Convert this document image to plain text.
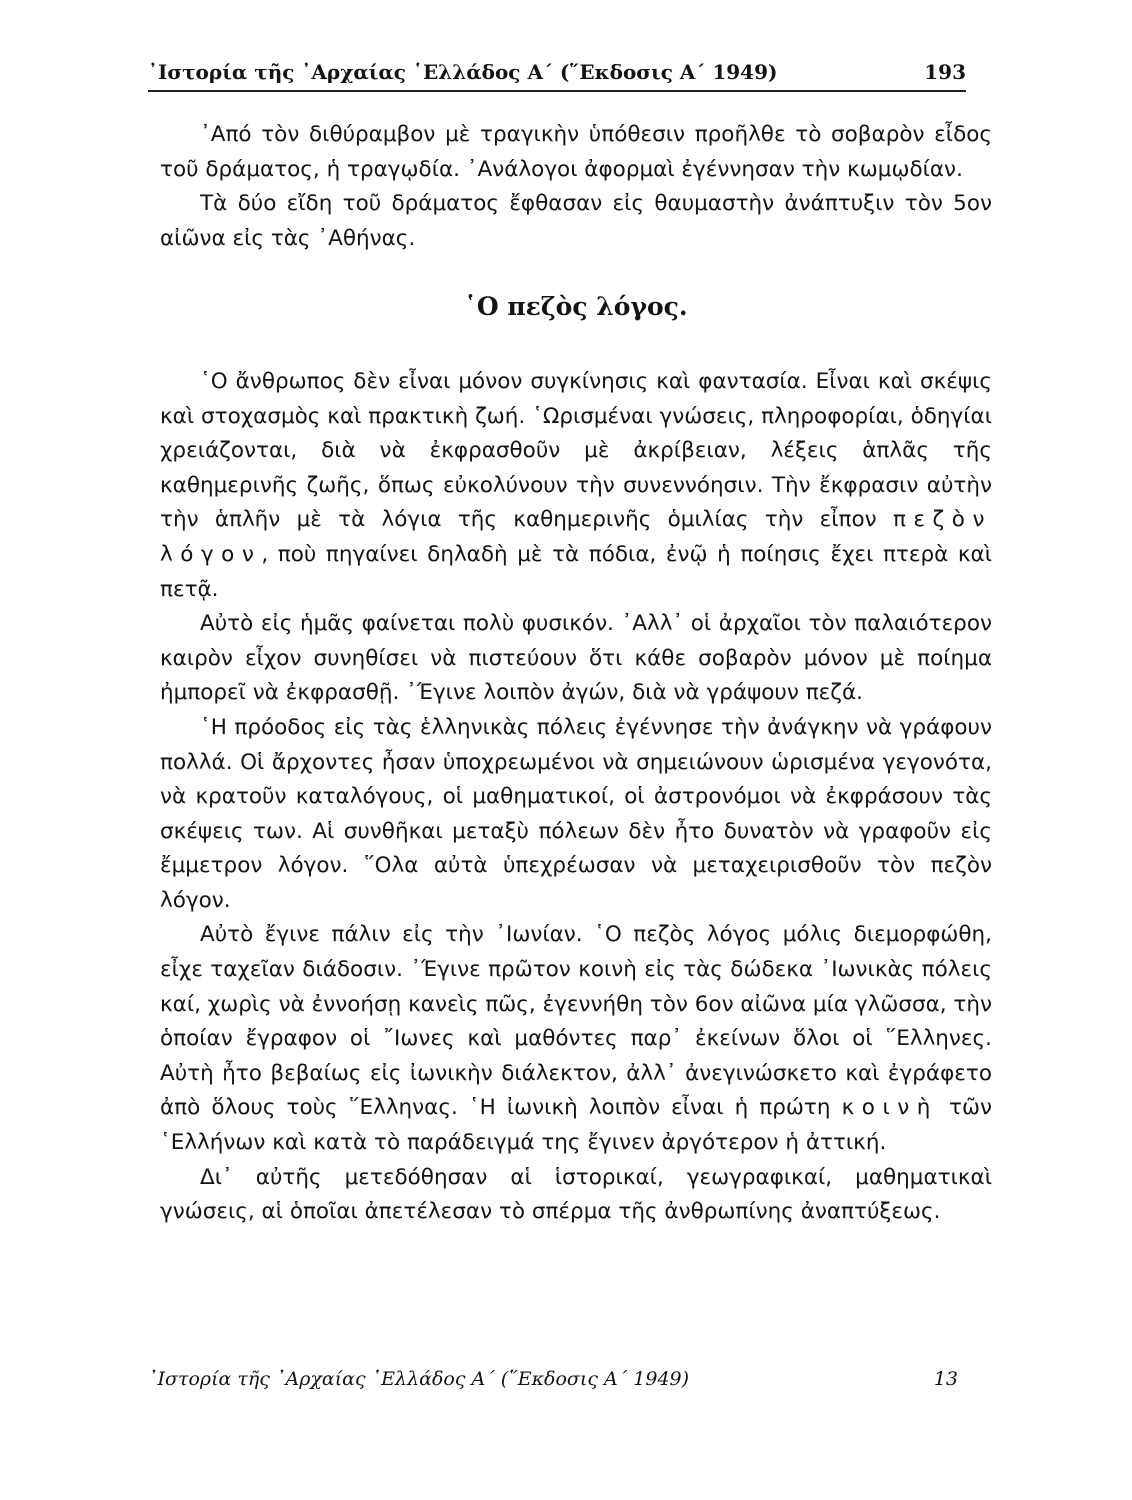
᾿Ιστορία τῆς ᾿Αρχαίας ῾Ελλάδος Α΄ (῞Εκδοσις Α΄ 1949)	193

᾿Από τὸν διθύραμβον μὲ τραγικὴν ὑπόθεσιν προῆλθε τὸ σοβαρὸν εἶδος τοῦ δράματος, ἡ τραγῳδία. ᾿Ανάλογοι ἀφορμαὶ ἐγέννησαν τὴν κωμῳδίαν.

Τὰ δύο εἴδη τοῦ δράματος ἔφθασαν εἰς θαυμαστὴν ἀνάπτυξιν τὸν 5ον αἰῶνα εἰς τὰς ᾿Αθήνας.

῾Ο πεζὸς λόγος.

῾Ο ἄνθρωπος δὲν εἶναι μόνον συγκίνησις καὶ φαντασία. Εἶναι καὶ σκέψις καὶ στοχασμὸς καὶ πρακτικὴ ζωή. ῾Ωρισμέναι γνώσεις, πληροφορίαι, ὁδηγίαι χρειάζονται, διὰ νὰ ἐκφρασθοῦν μὲ ἀκρίβειαν, λέξεις ἁπλᾶς τῆς καθημερινῆς ζωῆς, ὅπως εὐκολύνουν τὴν συνεννόησιν. Τὴν ἔκφρασιν αὐτὴν τὴν ἁπλῆν μὲ τὰ λόγια τῆς καθημερινῆς ὁμιλίας τὴν εἶπον πεζὸν λόγον, ποὺ πηγαίνει δηλαδὴ μὲ τὰ πόδια, ἐνῷ ἡ ποίησις ἔχει πτερὰ καὶ πετᾷ.

Αὐτὸ εἰς ἡμᾶς φαίνεται πολὺ φυσικόν. ᾿Αλλ᾿ οἱ ἀρχαῖοι τὸν παλαιότερον καιρὸν εἶχον συνηθίσει νὰ πιστεύουν ὅτι κάθε σοβαρὸν μόνον μὲ ποίημα ἠμπορεῖ νὰ ἐκφρασθῇ. ᾿Έγινε λοιπὸν ἀγών, διὰ νὰ γράψουν πεζά.

῾Η πρόοδος εἰς τὰς ἑλληνικὰς πόλεις ἐγέννησε τὴν ἀνάγκην νὰ γράφουν πολλά. Οἱ ἄρχοντες ἦσαν ὑποχρεωμένοι νὰ σημειώνουν ὡρισμένα γεγονότα, νὰ κρατοῦν καταλόγους, οἱ μαθηματικοί, οἱ ἀστρονόμοι νὰ ἐκφράσουν τὰς σκέψεις των. Αἱ συνθῆκαι μεταξὺ πόλεων δὲν ἦτο δυνατὸν νὰ γραφοῦν εἰς ἔμμετρον λόγον. ῞Ολα αὐτὰ ὑπεχρέωσαν νὰ μεταχειρισθοῦν τὸν πεζὸν λόγον.

Αὐτὸ ἔγινε πάλιν εἰς τὴν ᾿Ιωνίαν. ῾Ο πεζὸς λόγος μόλις διεμορφώθη, εἶχε ταχεῖαν διάδοσιν. ᾿Έγινε πρῶτον κοινὴ εἰς τὰς δώδεκα ᾿Ιωνικὰς πόλεις καί, χωρὶς νὰ ἐννοήσῃ κανεὶς πῶς, ἐγεννήθη τὸν 6ον αἰῶνα μία γλῶσσα, τὴν ὁποίαν ἔγραφον οἱ ῎Ιωνες καὶ μαθόντες παρ᾿ ἐκείνων ὅλοι οἱ ῞Ελληνες. Αὐτὴ ἦτο βεβαίως εἰς ἰωνικὴν διάλεκτον, ἀλλ᾿ ἀνεγινώσκετο καὶ ἐγράφετο ἀπὸ ὅλους τοὺς ῞Ελληνας. ῾Η ἰωνικὴ λοιπὸν εἶναι ἡ πρώτη κοινὴ τῶν ῾Ελλήνων καὶ κατὰ τὸ παράδειγμά της ἔγινεν ἀργότερον ἡ ἀττική.

Δι᾿ αὐτῆς μετεδόθησαν αἱ ἱστορικαί, γεωγραφικαί, μαθηματικαὶ γνώσεις, αἱ ὁποῖαι ἀπετέλεσαν τὸ σπέρμα τῆς ἀνθρωπίνης ἀναπτύξεως.

᾿Ιστορία τῆς ᾿Αρχαίας ῾Ελλάδος Α΄ (῞Εκδοσις Α΄ 1949)	13
